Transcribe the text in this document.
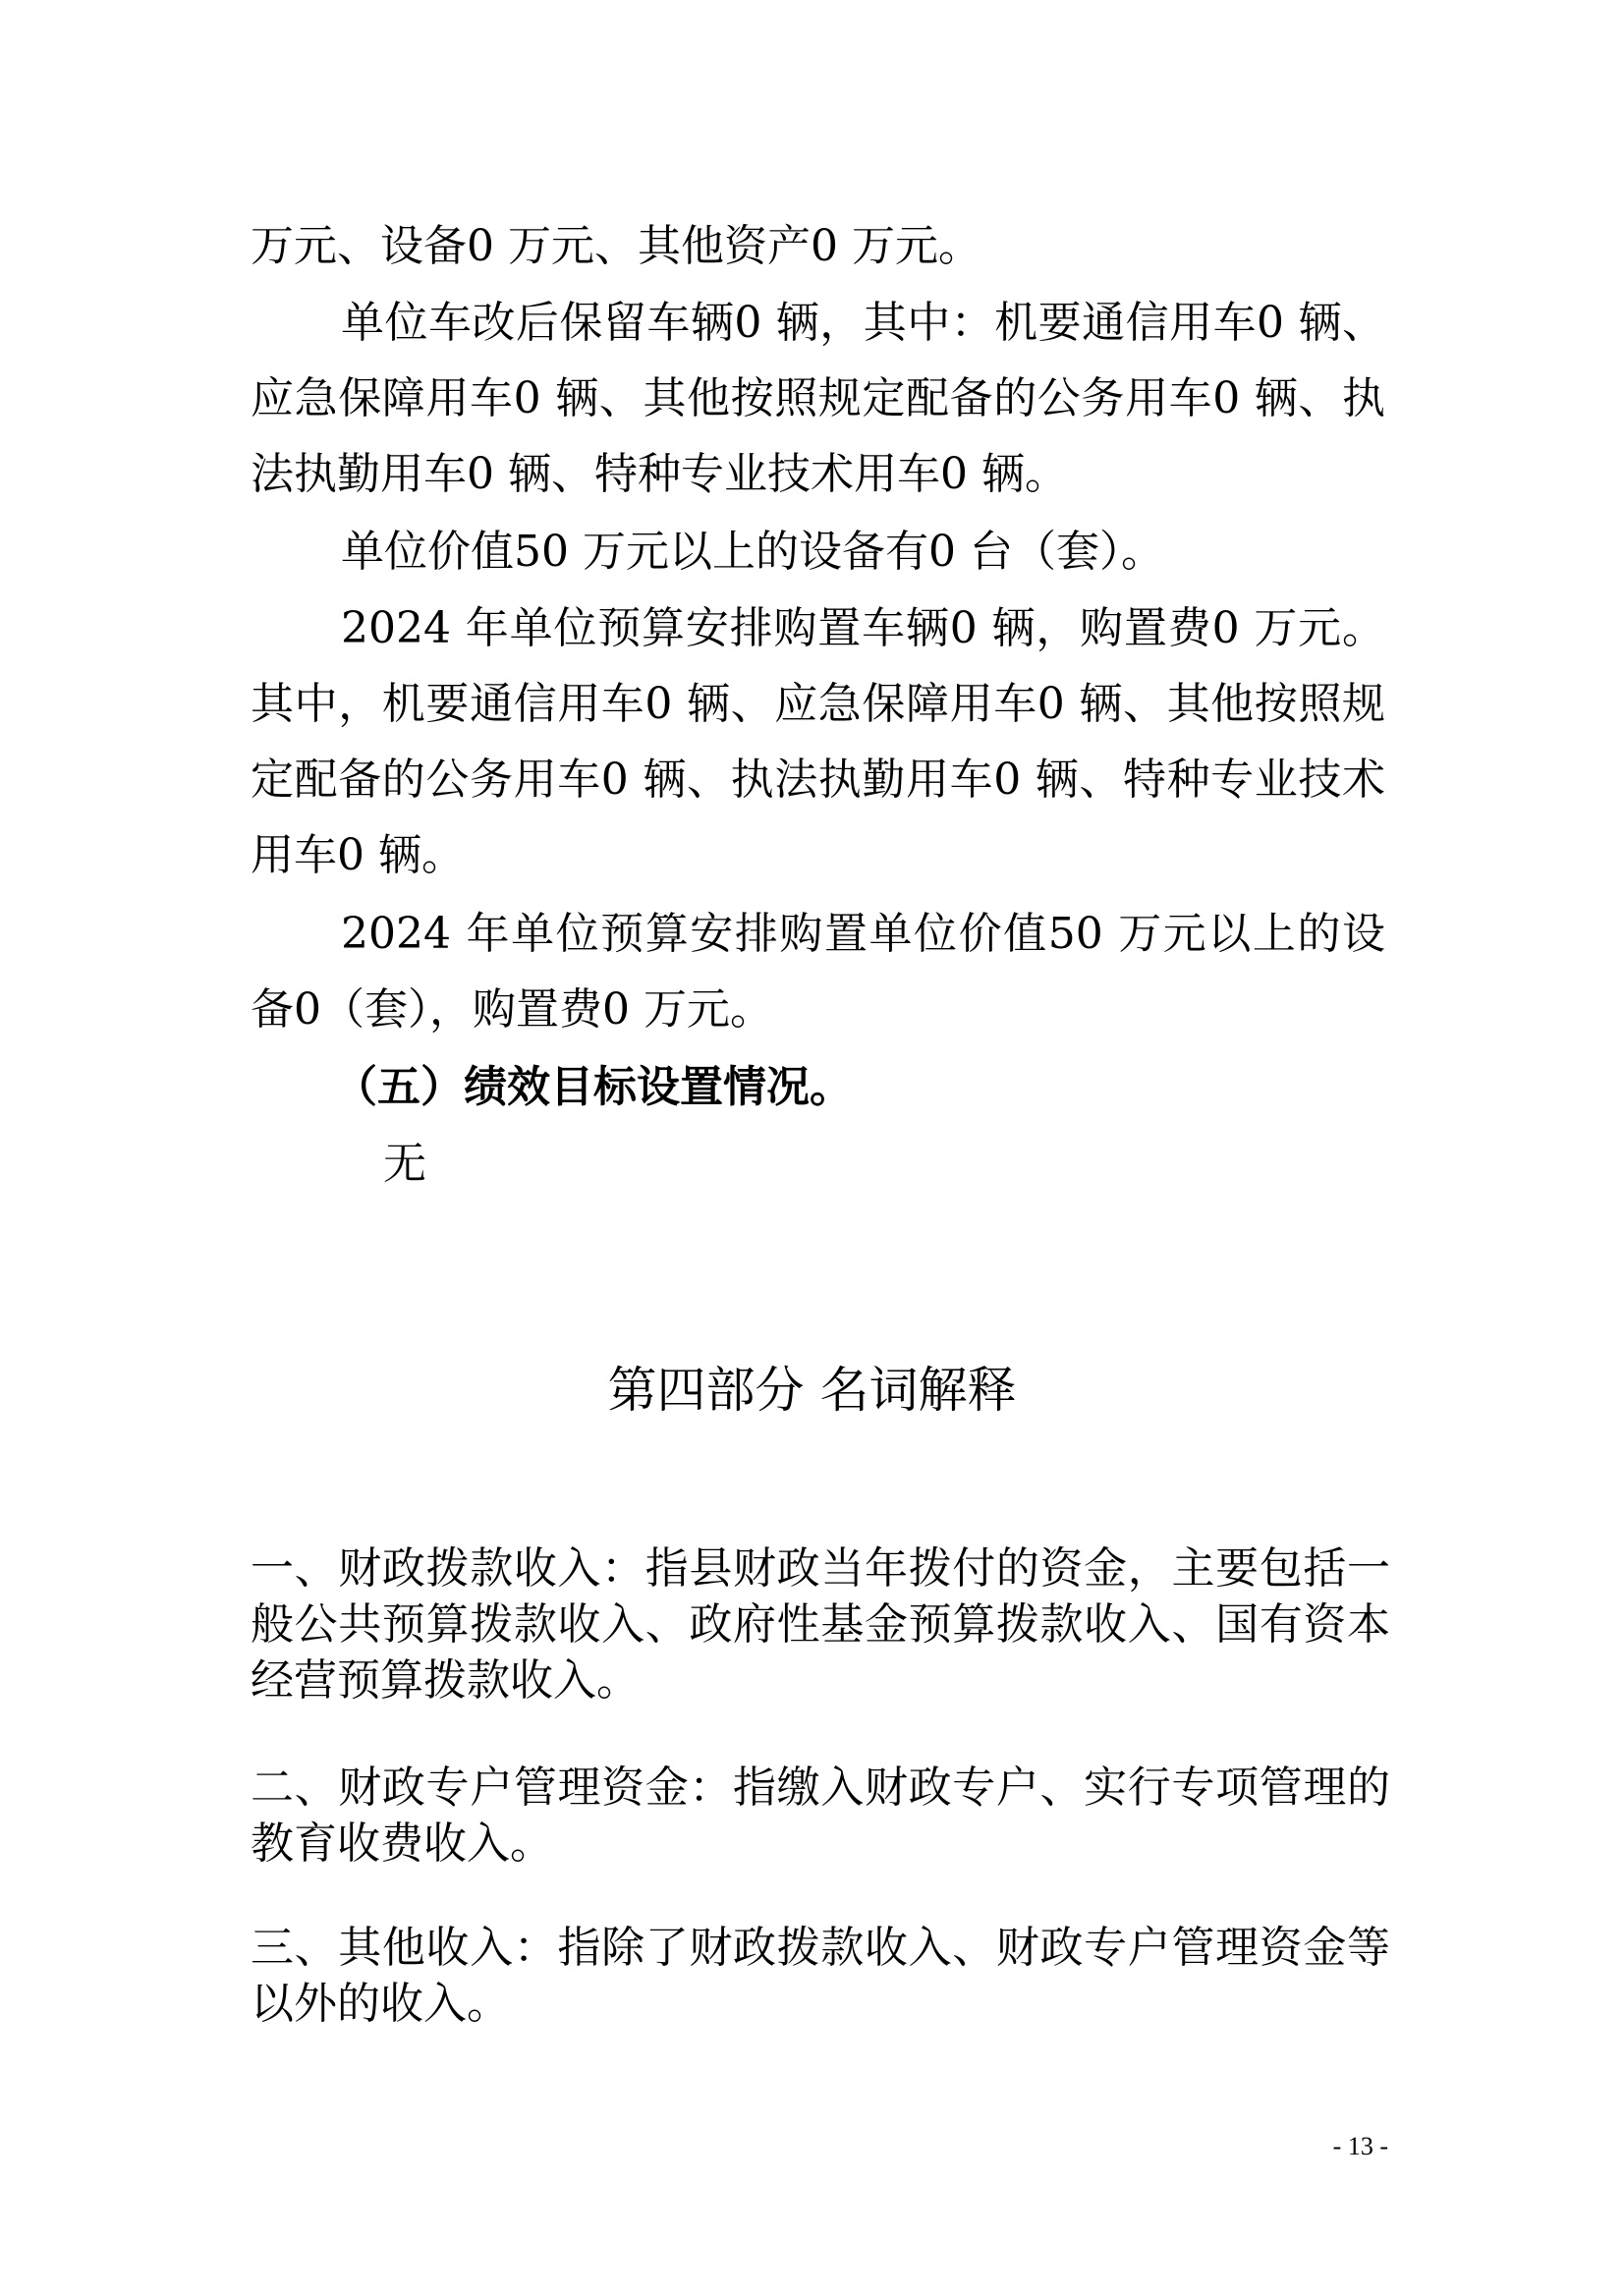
万元、设备0 万元、其他资产0 万元。

单位车改后保留车辆0 辆，其中：机要通信用车0 辆、应急保障用车0 辆、其他按照规定配备的公务用车0 辆、执法执勤用车0 辆、特种专业技术用车0 辆。

单位价值50 万元以上的设备有0 台（套）。

2024 年单位预算安排购置车辆0 辆，购置费0 万元。其中，机要通信用车0 辆、应急保障用车0 辆、其他按照规定配备的公务用车0 辆、执法执勤用车0 辆、特种专业技术用车0 辆。

2024 年单位预算安排购置单位价值50 万元以上的设备0（套），购置费0 万元。

（五）绩效目标设置情况。

无

第四部分 名词解释

一、财政拨款收入：指县财政当年拨付的资金，主要包括一般公共预算拨款收入、政府性基金预算拨款收入、国有资本经营预算拨款收入。

二、财政专户管理资金：指缴入财政专户、实行专项管理的教育收费收入。

三、其他收入：指除了财政拨款收入、财政专户管理资金等以外的收入。

- 13 -
